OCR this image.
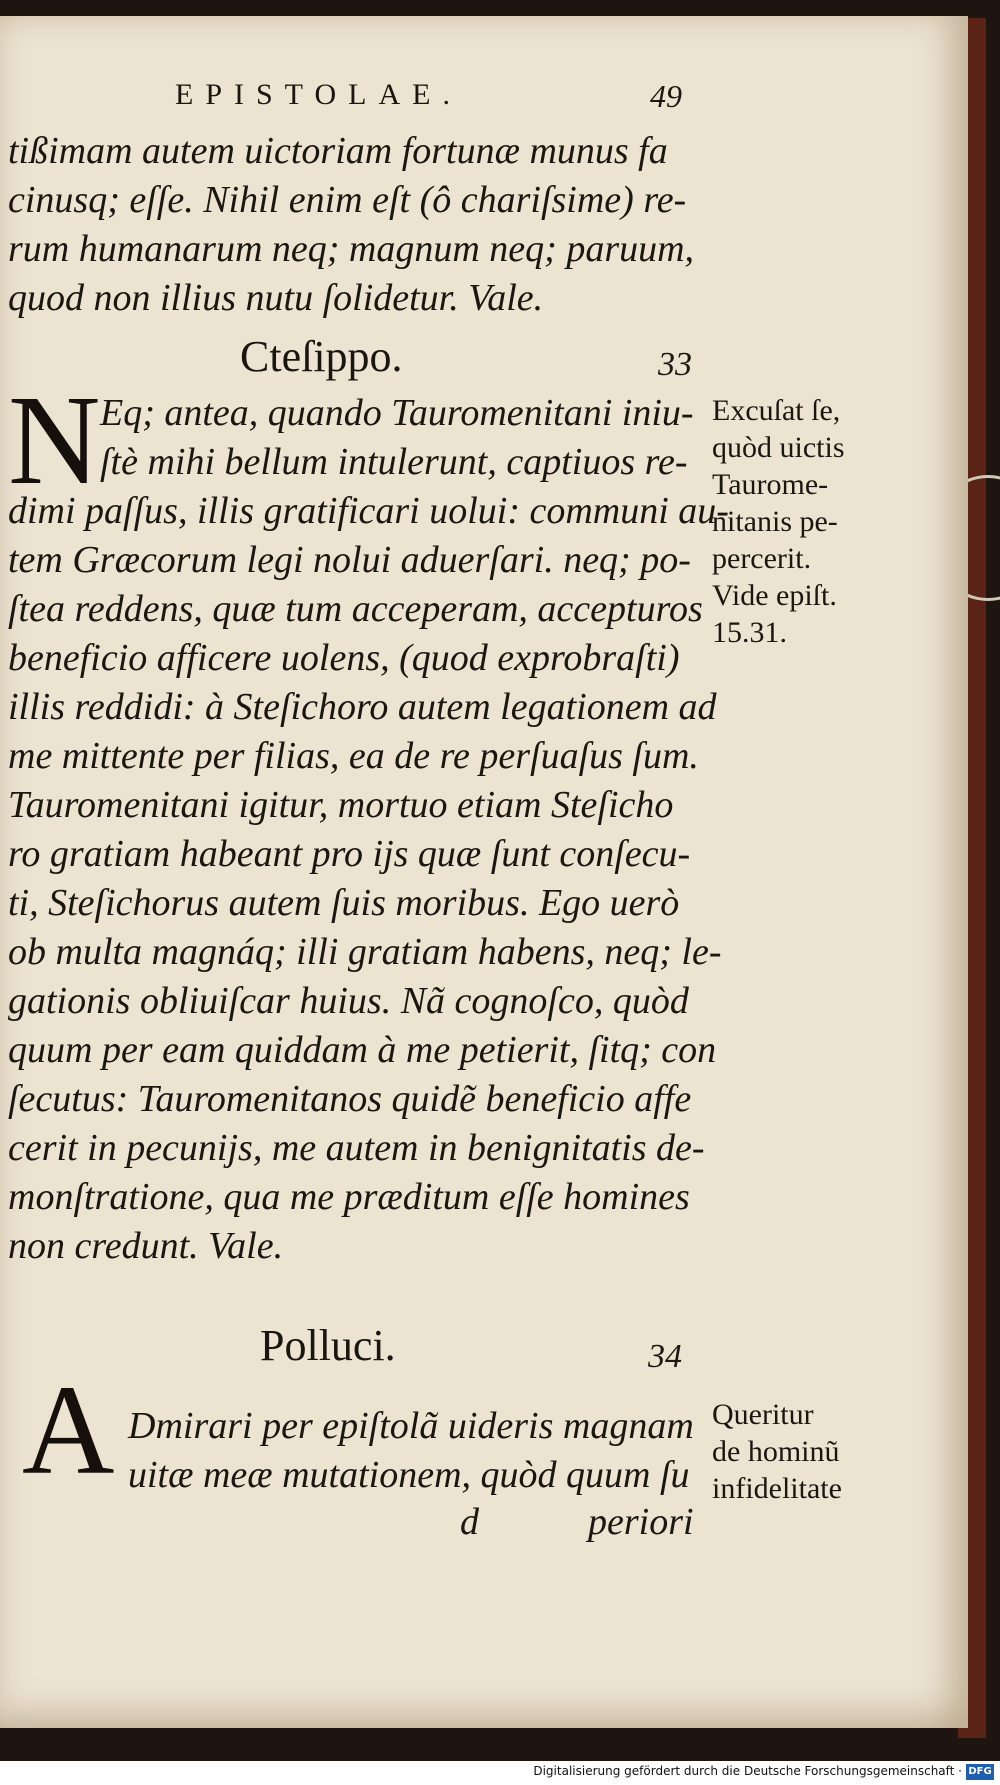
EPISTOLAE.	49
tißimam autem uictoriam fortunæ munus fa
cinusq; eſſe. Nihil enim eſt (ô chariſsime) re-
rum humanarum neq; magnum neq; paruum,
quod non illius nutu ſolidetur. Vale.
Cteſippo.	33
N Eq; antea, quando Tauromenitani iniu-
ſtè mihi bellum intulerunt, captiuos re-
dimi paſſus, illis gratificari uolui: communi au-
tem Græcorum legi nolui aduerſari. neq; po-
ſtea reddens, quæ tum acceperam, accepturos
beneficio afficere uolens, (quod exprobraſti)
illis reddidi: à Steſichoro autem legationem ad
me mittente per filias, ea de re perſuaſus ſum.
Tauromenitani igitur, mortuo etiam Steſicho
ro gratiam habeant pro ijs quæ ſunt conſecu-
ti, Steſichorus autem ſuis moribus. Ego uerò
ob multa magnáq; illi gratiam habens, neq; le-
gationis obliuiſcar huius. Nã cognoſco, quòd
quum per eam quiddam à me petierit, ſitq; con
ſecutus: Tauromenitanos quidẽ beneficio affe
cerit in pecunijs, me autem in benignitatis de-
monſtratione, qua me præditum eſſe homines
non credunt. Vale.
Excuſat ſe,
quòd uictis
Taurome-
nitanis pe-
percerit.
Vide epiſt.
15.31.
Polluci.	34
A Dmirari per epiſtolã uideris magnam
uitæ meæ mutationem, quòd quum ſu
d	periori
Queritur
de hominũ
infidelitate
Digitalisierung gefördert durch die Deutsche Forschungsgemeinschaft · DFG
